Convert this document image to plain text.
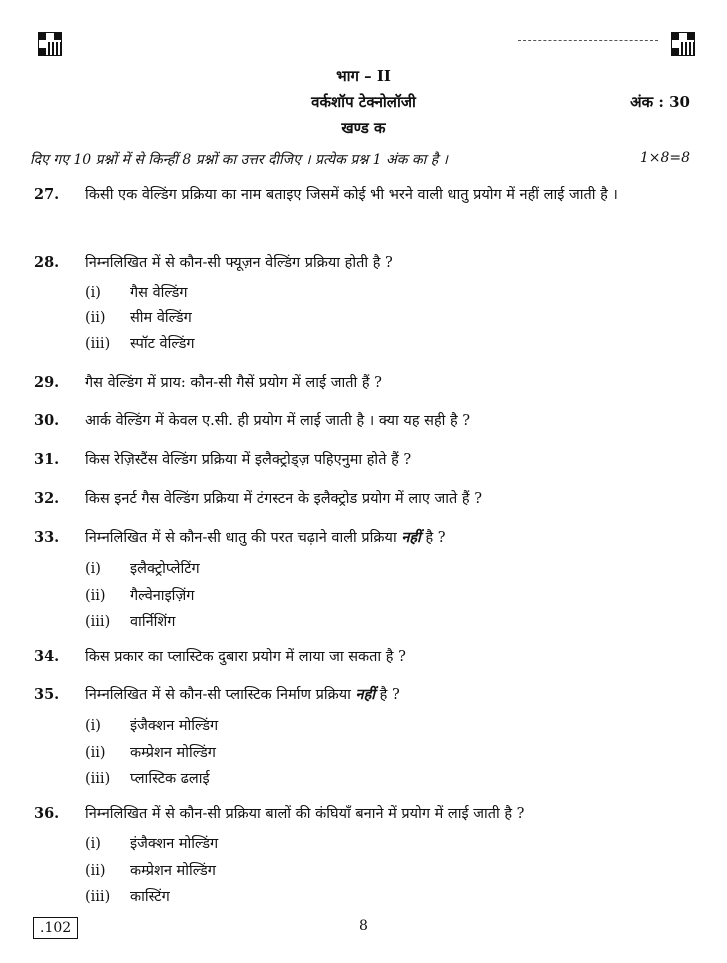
भाग – II
वर्कशॉप टेक्नोलॉजी	अंक : 30
खण्ड क
दिए गए 10 प्रश्नों में से किन्हीं 8 प्रश्नों का उत्तर दीजिए । प्रत्येक प्रश्न 1 अंक का है ।	1×8=8
27. किसी एक वेल्डिंग प्रक्रिया का नाम बताइए जिसमें कोई भी भरने वाली धातु प्रयोग में नहीं लाई जाती है ।
28. निम्नलिखित में से कौन-सी फ्यूज़न वेल्डिंग प्रक्रिया होती है ?
(i) गैस वेल्डिंग
(ii) सीम वेल्डिंग
(iii) स्पॉट वेल्डिंग
29. गैस वेल्डिंग में प्राय: कौन-सी गैसें प्रयोग में लाई जाती हैं ?
30. आर्क वेल्डिंग में केवल ए.सी. ही प्रयोग में लाई जाती है । क्या यह सही है ?
31. किस रेज़िस्टैंस वेल्डिंग प्रक्रिया में इलैक्ट्रोड्ज़ पहिएनुमा होते हैं ?
32. किस इनर्ट गैस वेल्डिंग प्रक्रिया में टंगस्टन के इलैक्ट्रोड प्रयोग में लाए जाते हैं ?
33. निम्नलिखित में से कौन-सी धातु की परत चढ़ाने वाली प्रक्रिया नहीं है ?
(i) इलैक्ट्रोप्लेटिंग
(ii) गैल्वेनाइज़िंग
(iii) वार्निशिंग
34. किस प्रकार का प्लास्टिक दुबारा प्रयोग में लाया जा सकता है ?
35. निम्नलिखित में से कौन-सी प्लास्टिक निर्माण प्रक्रिया नहीं है ?
(i) इंजैक्शन मोल्डिंग
(ii) कम्प्रेशन मोल्डिंग
(iii) प्लास्टिक ढलाई
36. निम्नलिखित में से कौन-सी प्रक्रिया बालों की कंघियाँ बनाने में प्रयोग में लाई जाती है ?
(i) इंजैक्शन मोल्डिंग
(ii) कम्प्रेशन मोल्डिंग
(iii) कास्टिंग
.102	8
